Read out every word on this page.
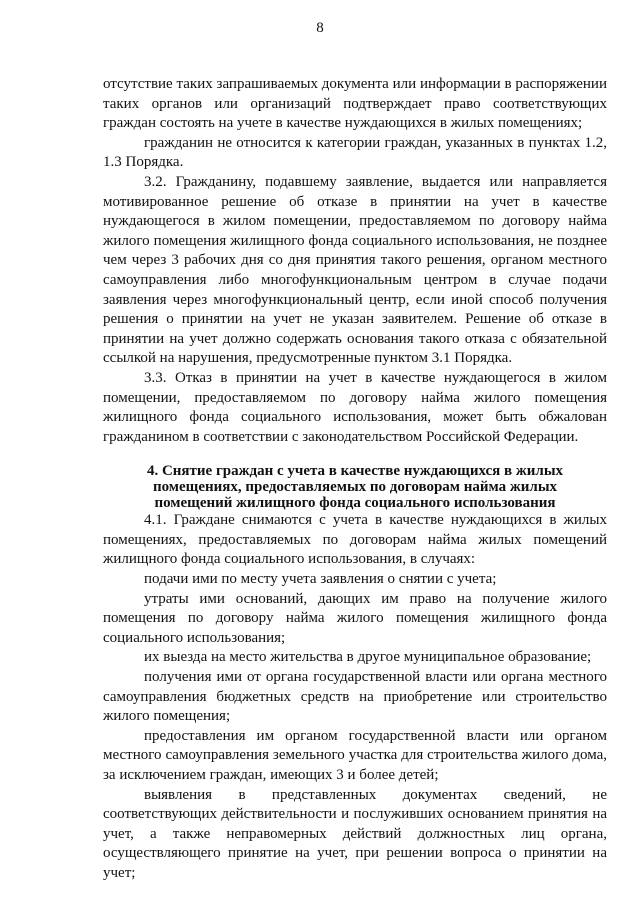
8

отсутствие таких запрашиваемых документа или информации в распоряжении таких органов или организаций подтверждает право соответствующих граждан состоять на учете в качестве нуждающихся в жилых помещениях;

гражданин не относится к категории граждан, указанных в пунктах 1.2, 1.3 Порядка.

3.2. Гражданину, подавшему заявление, выдается или направляется мотивированное решение об отказе в принятии на учет в качестве нуждающегося в жилом помещении, предоставляемом по договору найма жилого помещения жилищного фонда социального использования, не позднее чем через 3 рабочих дня со дня принятия такого решения, органом местного самоуправления либо многофункциональным центром в случае подачи заявления через многофункциональный центр, если иной способ получения решения о принятии на учет не указан заявителем. Решение об отказе в принятии на учет должно содержать основания такого отказа с обязательной ссылкой на нарушения, предусмотренные пунктом 3.1 Порядка.

3.3. Отказ в принятии на учет в качестве нуждающегося в жилом помещении, предоставляемом по договору найма жилого помещения жилищного фонда социального использования, может быть обжалован гражданином в соответствии с законодательством Российской Федерации.

4. Снятие граждан с учета в качестве нуждающихся в жилых помещениях, предоставляемых по договорам найма жилых помещений жилищного фонда социального использования

4.1. Граждане снимаются с учета в качестве нуждающихся в жилых помещениях, предоставляемых по договорам найма жилых помещений жилищного фонда социального использования, в случаях:

подачи ими по месту учета заявления о снятии с учета;

утраты ими оснований, дающих им право на получение жилого помещения по договору найма жилого помещения жилищного фонда социального использования;

их выезда на место жительства в другое муниципальное образование;

получения ими от органа государственной власти или органа местного самоуправления бюджетных средств на приобретение или строительство жилого помещения;

предоставления им органом государственной власти или органом местного самоуправления земельного участка для строительства жилого дома, за исключением граждан, имеющих 3 и более детей;

выявления в представленных документах сведений, не соответствующих действительности и послуживших основанием принятия на учет, а также неправомерных действий должностных лиц органа, осуществляющего принятие на учет, при решении вопроса о принятии на учет;
